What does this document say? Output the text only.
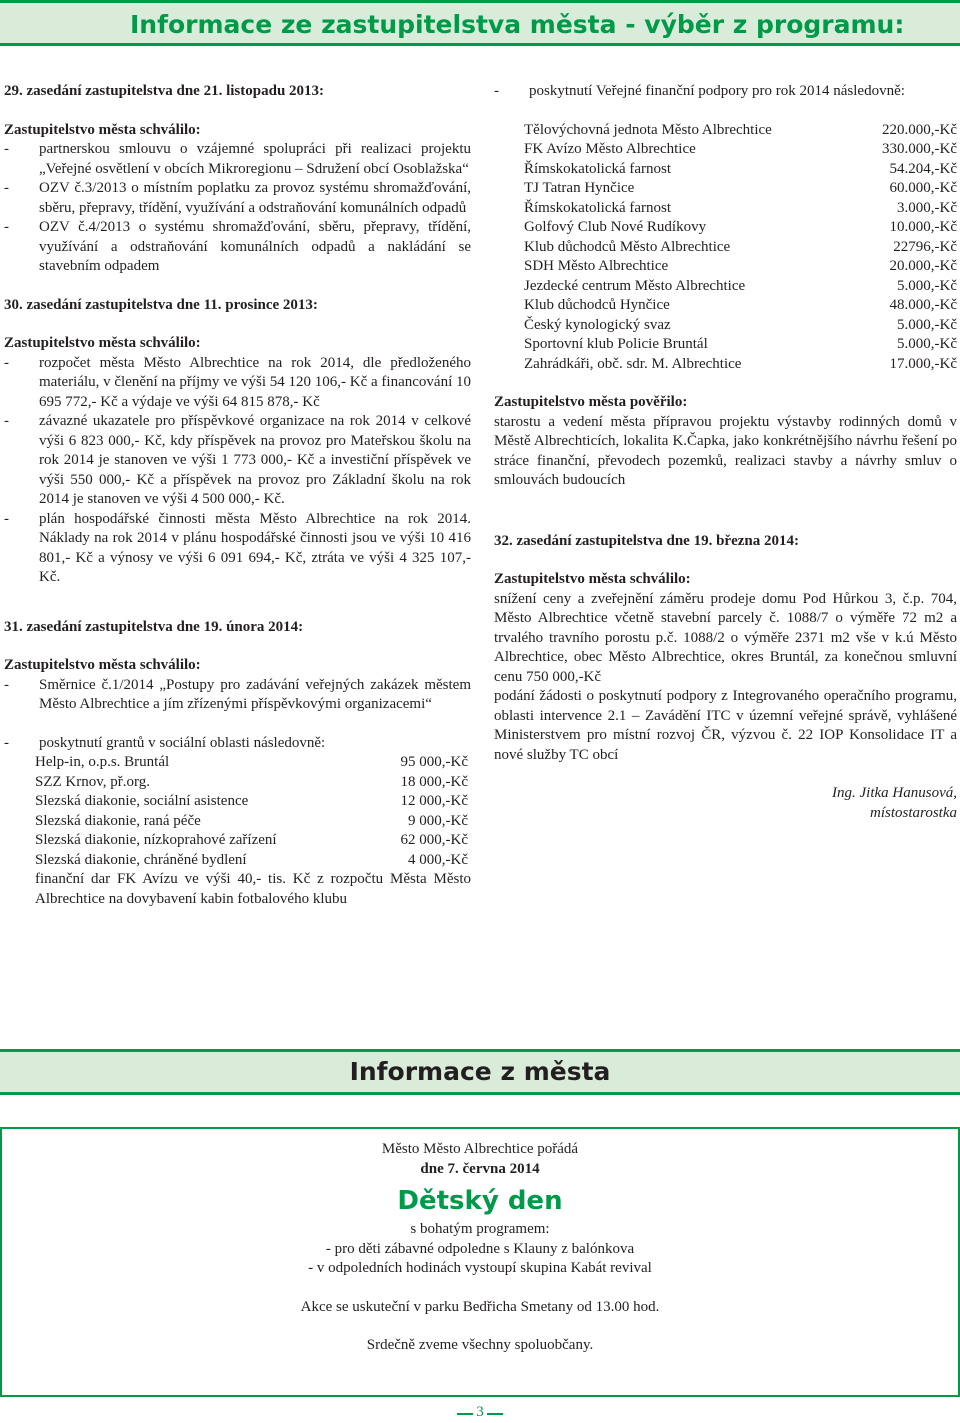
Informace ze zastupitelstva města - výběr z programu:
29. zasedání zastupitelstva dne 21. listopadu 2013:
Zastupitelstvo města schválilo:
- partnerskou smlouvu o vzájemné spolupráci při realizaci projektu „Veřejné osvětlení v obcích Mikroregionu – Sdružení obcí Osoblažska“
- OZV č.3/2013 o místním poplatku za provoz systému shromažďování, sběru, přepravy, třídění, využívání a odstraňování komunálních odpadů
- OZV č.4/2013 o systému shromažďování, sběru, přepravy, třídění, využívání a odstraňování komunálních odpadů a nakládání se stavebním odpadem
30. zasedání zastupitelstva dne 11. prosince 2013:
Zastupitelstvo města schválilo:
- rozpočet města Město Albrechtice na rok 2014, dle předloženého materiálu, v členění na příjmy ve výši 54 120 106,- Kč a financování 10 695 772,- Kč a výdaje ve výši 64 815 878,- Kč
- závazné ukazatele pro příspěvkové organizace na rok 2014 v celkové výši 6 823 000,- Kč, kdy příspěvek na provoz pro Mateřskou školu na rok 2014 je stanoven ve výši 1 773 000,- Kč a investiční příspěvek ve výši 550 000,- Kč a příspěvek na provoz pro Základní školu na rok 2014 je stanoven ve výši 4 500 000,- Kč.
- plán hospodářské činnosti města Město Albrechtice na rok 2014. Náklady na rok 2014 v plánu hospodářské činnosti jsou ve výši 10 416 801,- Kč a výnosy ve výši 6 091 694,- Kč, ztráta ve výši 4 325 107,- Kč.
31. zasedání zastupitelstva dne 19. února 2014:
Zastupitelstvo města schválilo:
- Směrnice č.1/2014 „Postupy pro zadávání veřejných zakázek městem Město Albrechtice a jím zřízenými příspěvkovými organizacemi“
- poskytnutí grantů v sociální oblasti následovně:
Help-in, o.p.s. Bruntál	95 000,-Kč
SZZ Krnov, př.org.	18 000,-Kč
Slezská diakonie, sociální asistence	12 000,-Kč
Slezská diakonie, raná péče	9 000,-Kč
Slezská diakonie, nízkoprahové zařízení	62 000,-Kč
Slezská diakonie, chráněné bydlení	4 000,-Kč
finanční dar FK Avízu ve výši 40,- tis. Kč z rozpočtu Města Město Albrechtice na dovybavení kabin fotbalového klubu
- poskytnutí Veřejné finanční podpory pro rok 2014 následovně:
Tělovýchovná jednota Město Albrechtice	220.000,-Kč
FK Avízo Město Albrechtice	330.000,-Kč
Římskokatolická farnost	54.204,-Kč
TJ Tatran Hynčice	60.000,-Kč
Římskokatolická farnost	3.000,-Kč
Golfový Club Nové Rudíkovy	10.000,-Kč
Klub důchodců Město Albrechtice	22796,-Kč
SDH Město Albrechtice	20.000,-Kč
Jezdecké centrum Město Albrechtice	5.000,-Kč
Klub důchodců Hynčice	48.000,-Kč
Český kynologický svaz	5.000,-Kč
Sportovní klub Policie Bruntál	5.000,-Kč
Zahrádkáři, obč. sdr. M. Albrechtice	17.000,-Kč
Zastupitelstvo města pověřilo:
starostu a vedení města přípravou projektu výstavby rodinných domů v Městě Albrechticích, lokalita K.Čapka, jako konkrétnějšího návrhu řešení po stráce finanční, převodech pozemků, realizaci stavby a návrhy smluv o smlouvách budoucích
32. zasedání zastupitelstva dne 19. března 2014:
Zastupitelstvo města schválilo:
snížení ceny a zveřejnění záměru prodeje domu Pod Hůrkou 3, č.p. 704, Město Albrechtice včetně stavební parcely č. 1088/7 o výměře 72 m2 a trvalého travního porostu p.č. 1088/2 o výměře 2371 m2 vše v k.ú Město Albrechtice, obec Město Albrechtice, okres Bruntál, za konečnou smluvní cenu 750 000,-Kč
podání žádosti o poskytnutí podpory z Integrovaného operačního programu, oblasti intervence 2.1 – Zavádění ITC v územní veřejné správě, vyhlášené Ministerstvem pro místní rozvoj ČR, výzvou č. 22 IOP Konsolidace IT a nové služby TC obcí
Ing. Jitka Hanusová,
místostarostka
Informace z města
Město Město Albrechtice pořádá
dne 7. června 2014
Dětský den
s bohatým programem:
- pro děti zábavné odpoledne s Klauny z balónkova
- v odpoledních hodinách vystoupí skupina Kabát revival
Akce se uskuteční v parku Bedřicha Smetany od 13.00 hod.
Srdečně zveme všechny spoluobčany.
3
